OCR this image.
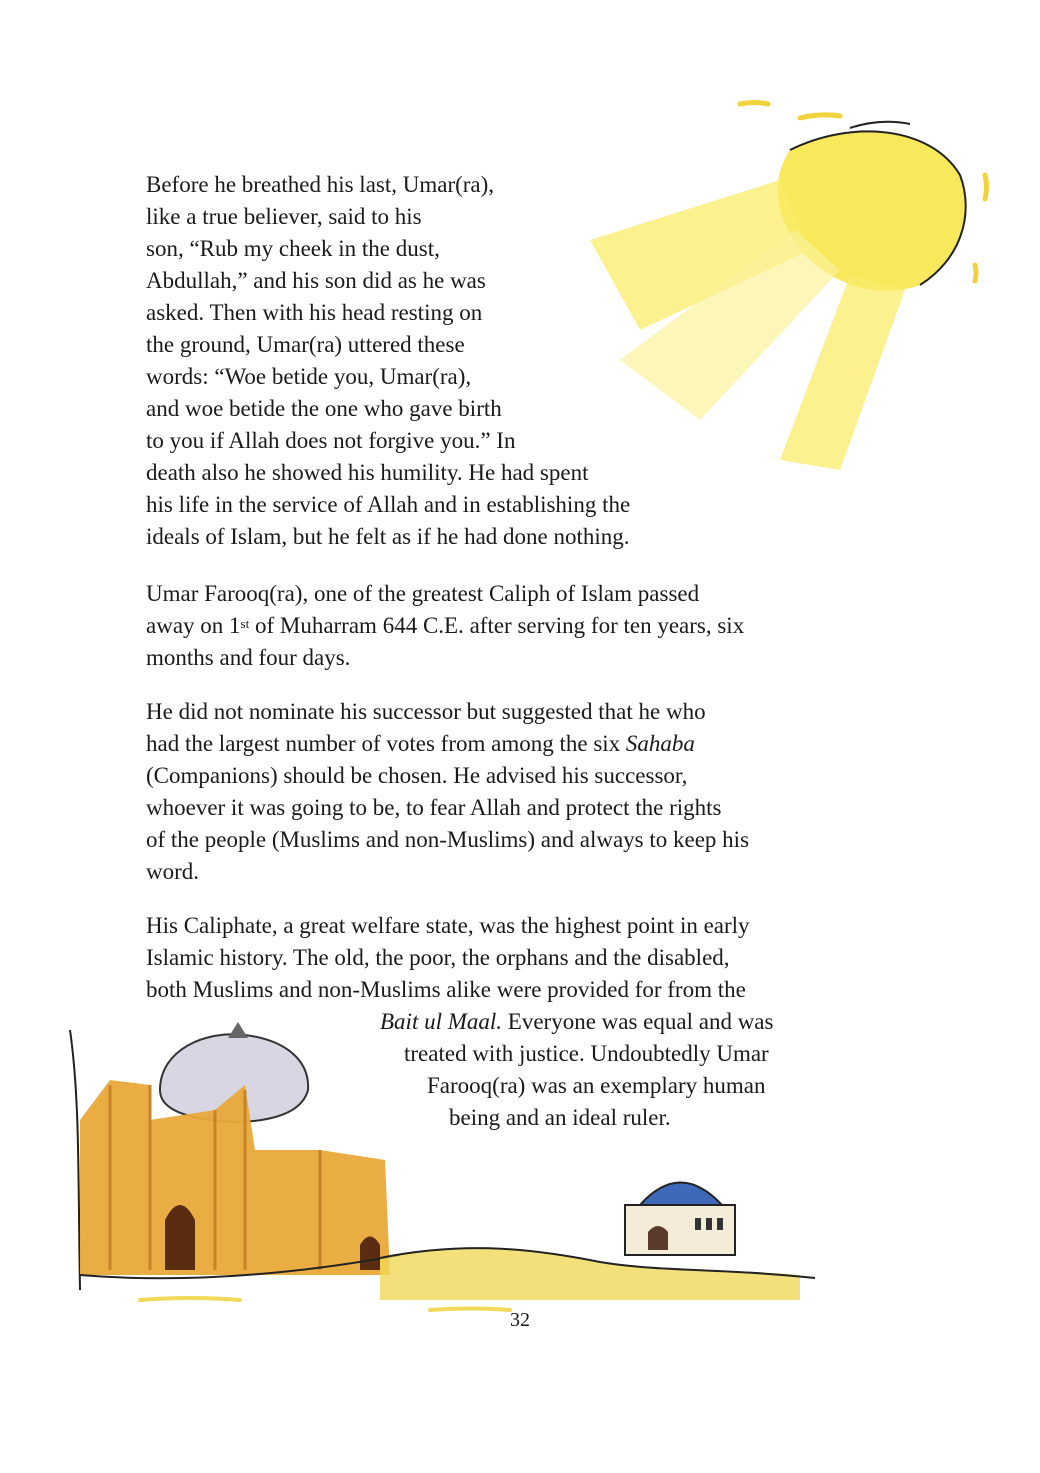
Before he breathed his last, Umar(ra),
like a true believer, said to his
son, “Rub my cheek in the dust,
Abdullah,” and his son did as he was
asked. Then with his head resting on
the ground, Umar(ra) uttered these
words: “Woe betide you, Umar(ra),
and woe betide the one who gave birth
to you if Allah does not forgive you.” In
death also he showed his humility. He had spent
his life in the service of Allah and in establishing the
ideals of Islam, but he felt as if he had done nothing.
Umar Farooq(ra), one of the greatest Caliph of Islam passed
away on 1st of Muharram 644 C.E. after serving for ten years, six
months and four days.
He did not nominate his successor but suggested that he who
had the largest number of votes from among the six Sahaba
(Companions) should be chosen. He advised his successor,
whoever it was going to be, to fear Allah and protect the rights
of the people (Muslims and non-Muslims) and always to keep his
word.
His Caliphate, a great welfare state, was the highest point in early
Islamic history. The old, the poor, the orphans and the disabled,
both Muslims and non-Muslims alike were provided for from the
Bait ul Maal. Everyone was equal and was
treated with justice. Undoubtedly Umar
Farooq(ra) was an exemplary human
being and an ideal ruler.
32
